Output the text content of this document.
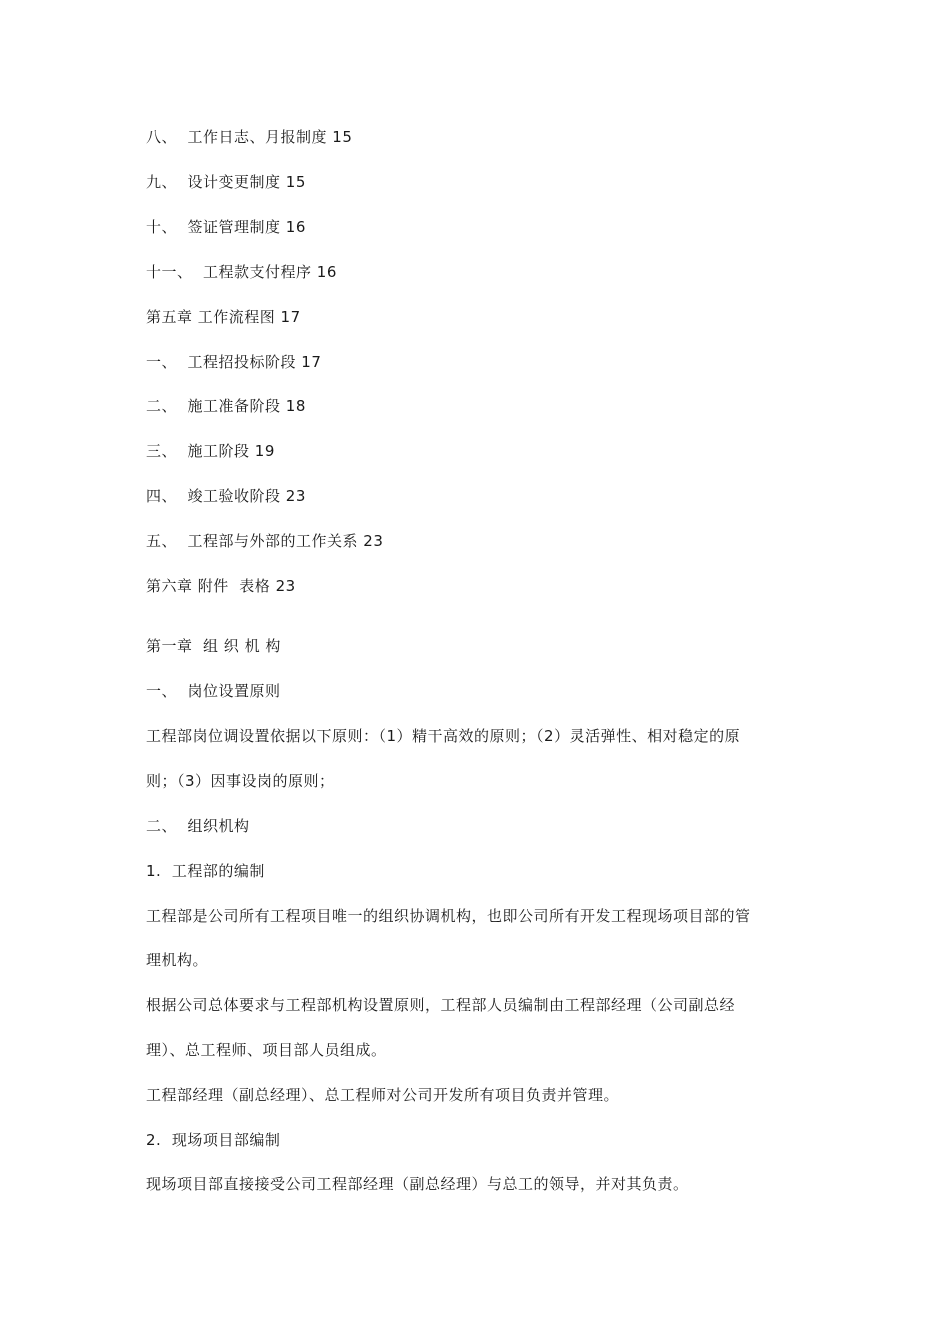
八、  工作日志、月报制度 15
九、  设计变更制度 15
十、  签证管理制度 16
十一、  工程款支付程序 16
第五章 工作流程图 17
一、  工程招投标阶段 17
二、  施工准备阶段 18
三、  施工阶段 19
四、  竣工验收阶段 23
五、  工程部与外部的工作关系 23
第六章 附件  表格 23
第一章  组 织 机 构
一、  岗位设置原则
工程部岗位调设置依据以下原则：（1）精干高效的原则；（2）灵活弹性、相对稳定的原
则；（3）因事设岗的原则；
二、  组织机构
1.  工程部的编制
工程部是公司所有工程项目唯一的组织协调机构，也即公司所有开发工程现场项目部的管
理机构。
根据公司总体要求与工程部机构设置原则，工程部人员编制由工程部经理（公司副总经
理）、总工程师、项目部人员组成。
工程部经理（副总经理）、总工程师对公司开发所有项目负责并管理。
2.  现场项目部编制
现场项目部直接接受公司工程部经理（副总经理）与总工的领导，并对其负责。
